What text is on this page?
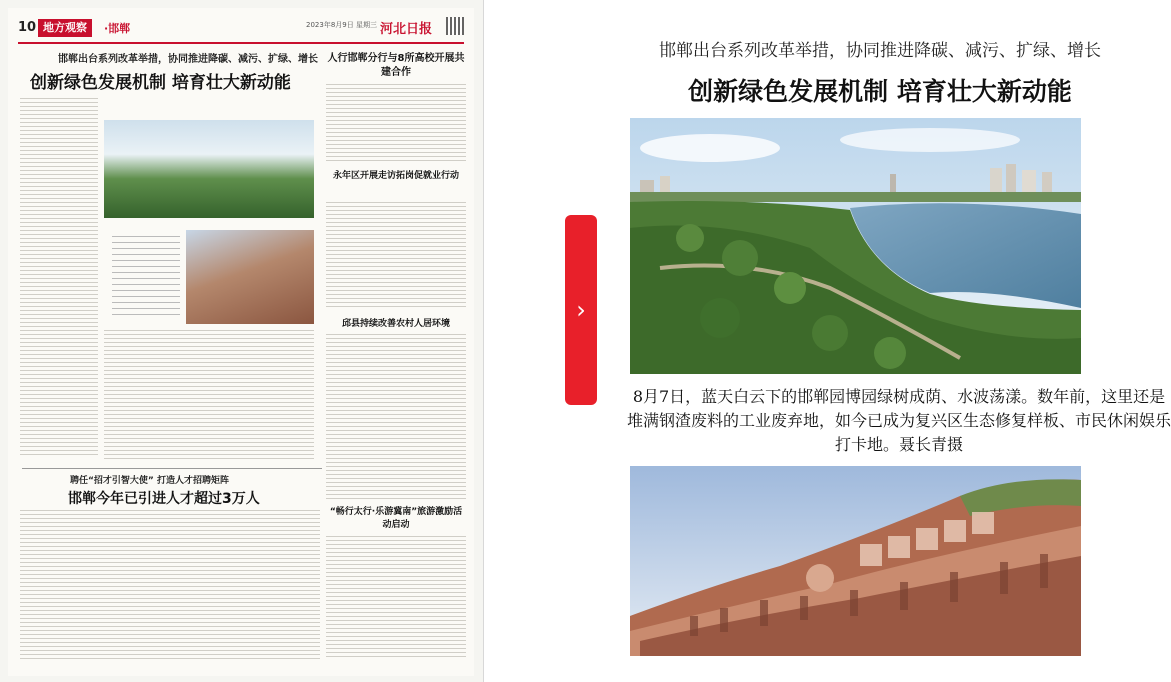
10 地方观察	·邯郸	2023年8月9日 星期三 河北日报
邯郸出台系列改革举措，协同推进降碳、减污、扩绿、增长
创新绿色发展机制 培育壮大新动能
人行邯郸分行与8所高校开展共建合作
永年区开展走访拓岗促就业行动
邱县持续改善农村人居环境
聘任“招才引智大使” 打造人才招聘矩阵
邯郸今年已引进人才超过3万人
“畅行太行·乐游冀南”旅游激励活动启动
›
邯郸出台系列改革举措，协同推进降碳、减污、扩绿、增长
创新绿色发展机制 培育壮大新动能
8月7日，蓝天白云下的邯郸园博园绿树成荫、水波荡漾。数年前，这里还是堆满钢渣废料的工业废弃地，如今已成为复兴区生态修复样板、市民休闲娱乐打卡地。聂长青摄
